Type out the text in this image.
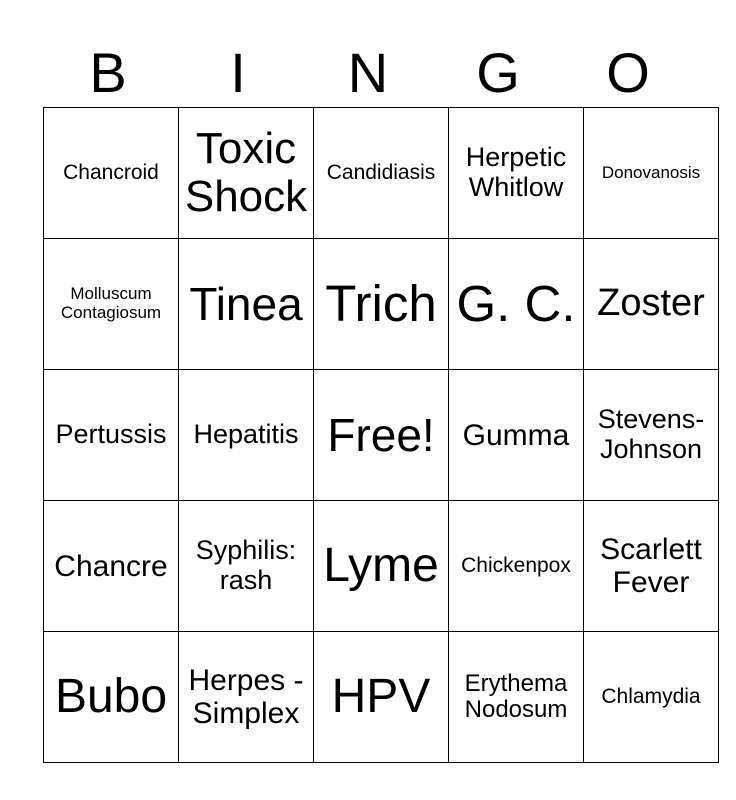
B	I	N	G	O
Chancroid	Toxic Shock	Candidiasis	Herpetic Whitlow	Donovanosis
Molluscum Contagiosum	Tinea	Trich	G. C.	Zoster
Pertussis	Hepatitis	Free!	Gumma	Stevens-Johnson
Chancre	Syphilis: rash	Lyme	Chickenpox	Scarlett Fever
Bubo	Herpes - Simplex	HPV	Erythema Nodosum	Chlamydia
